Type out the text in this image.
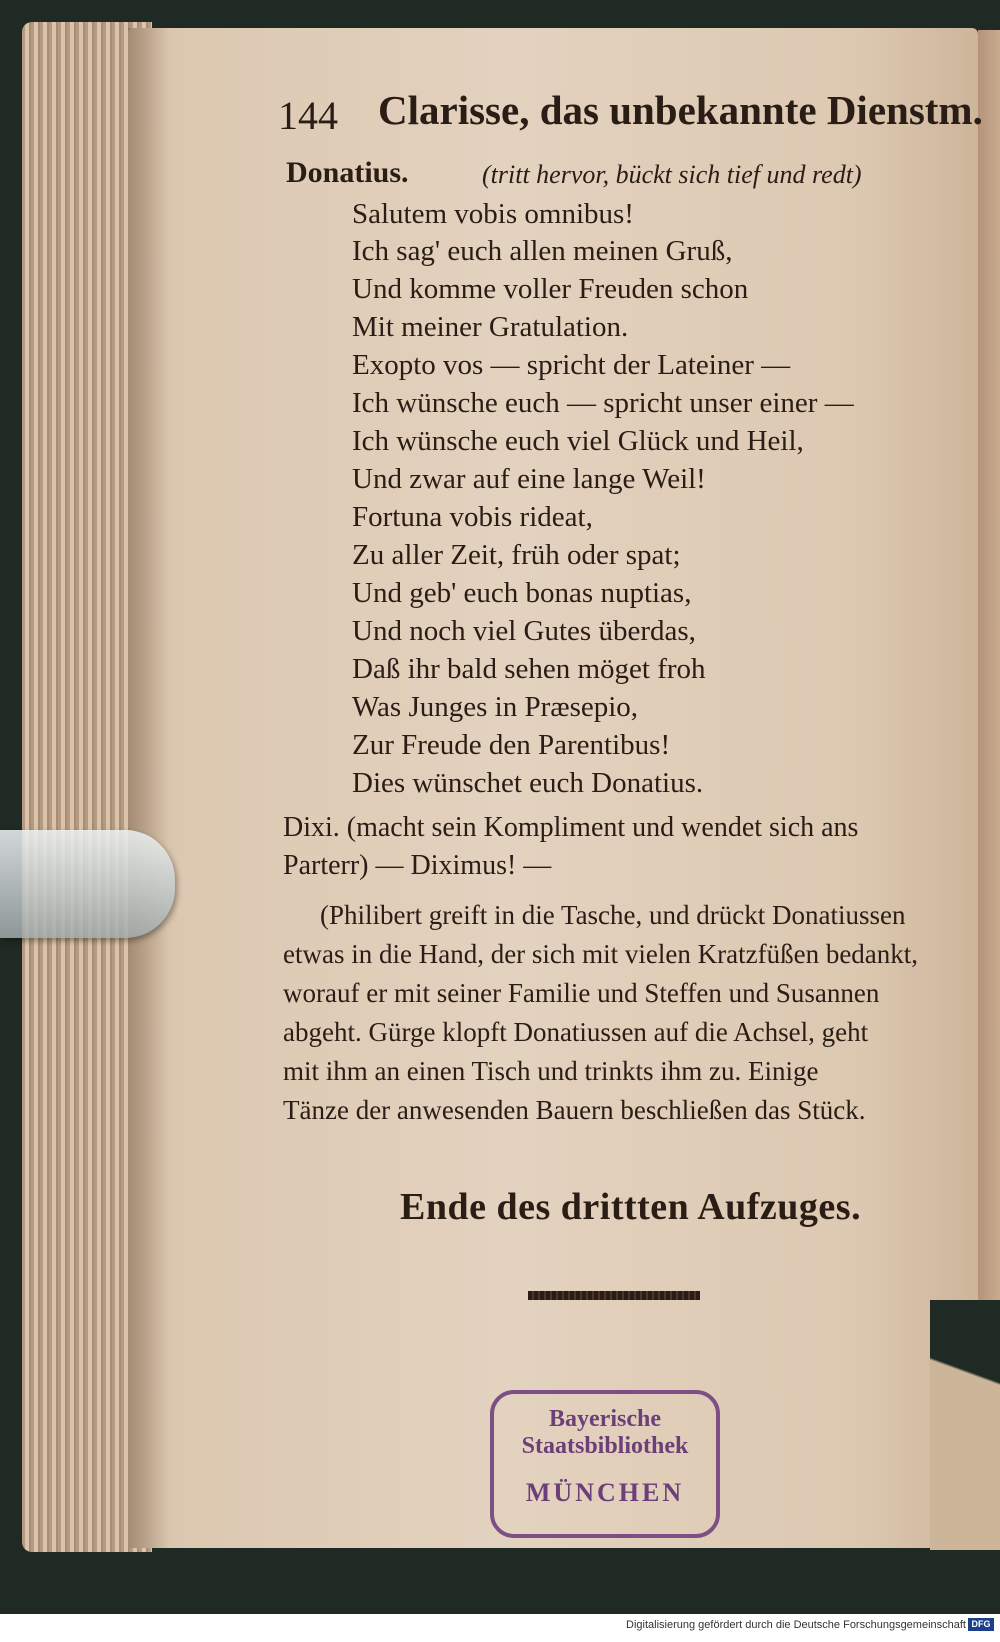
144 Clarisse, das unbekannte Dienstm.
Donatius.	(tritt hervor, bückt sich tief und redt)
Salutem vobis omnibus!
Ich sag' euch allen meinen Gruß,
Und komme voller Freuden schon
Mit meiner Gratulation.
Exopto vos — spricht der Lateiner —
Ich wünsche euch — spricht unser einer —
Ich wünsche euch viel Glück und Heil,
Und zwar auf eine lange Weil!
Fortuna vobis rideat,
Zu aller Zeit, früh oder spat;
Und geb' euch bonas nuptias,
Und noch viel Gutes überdas,
Daß ihr bald sehen möget froh
Was Junges in Præsepio,
Zur Freude den Parentibus!
Dies wünschet euch Donatius.
Dixi. (macht sein Kompliment und wendet sich ans
Parterr) — Diximus! —
(Philibert greift in die Tasche, und drückt Donatiussen
etwas in die Hand, der sich mit vielen Kratzfüßen bedankt,
worauf er mit seiner Familie und Steffen und Susannen
abgeht. Gürge klopft Donatiussen auf die Achsel, geht
mit ihm an einen Tisch und trinkts ihm zu. Einige
Tänze der anwesenden Bauern beschließen das Stück.
Ende des drittten Aufzuges.
Bayerische
Staatsbibliothek
MÜNCHEN
Digitalisierung gefördert durch die Deutsche Forschungsgemeinschaft DFG
